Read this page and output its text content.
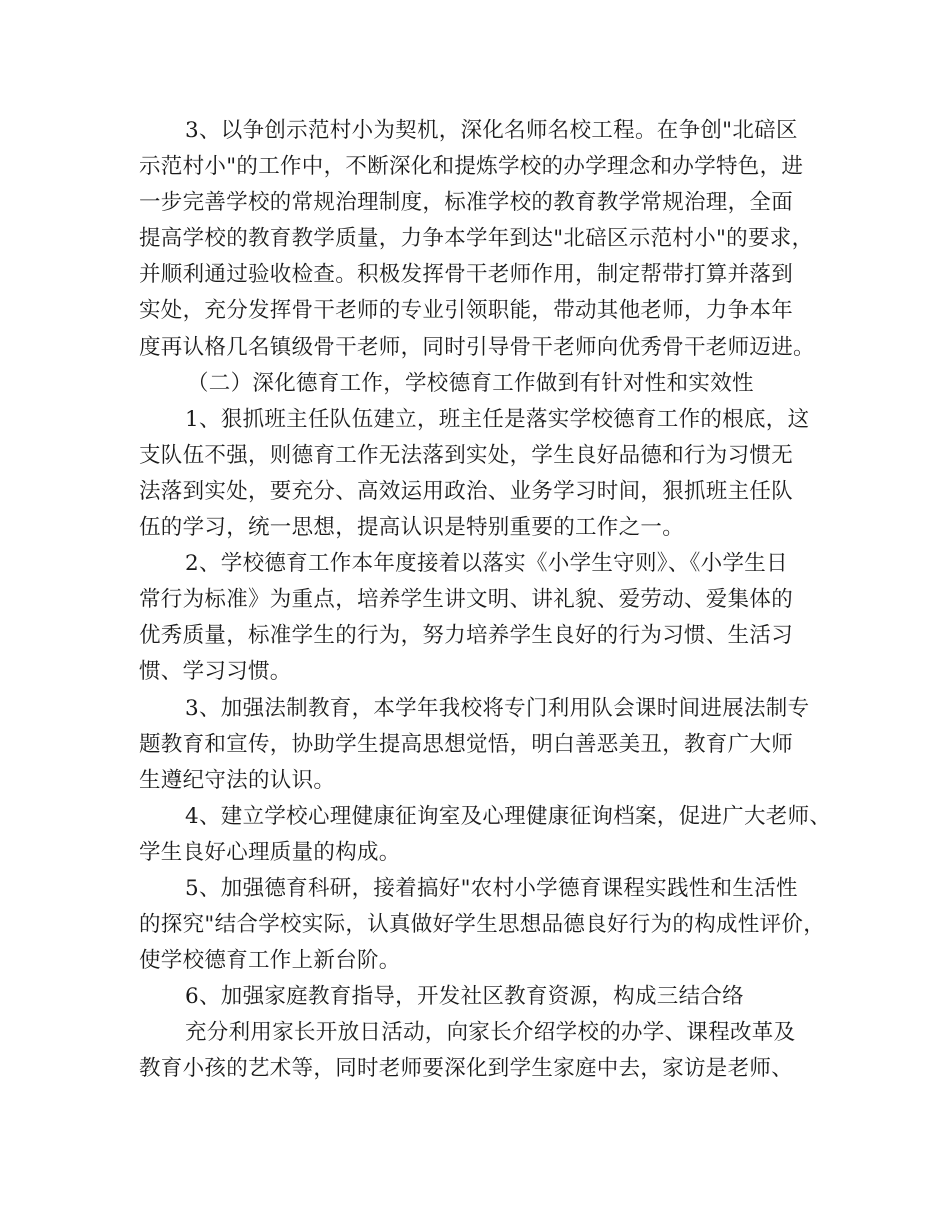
3、以争创示范村小为契机，深化名师名校工程。在争创"北碚区
示范村小"的工作中，不断深化和提炼学校的办学理念和办学特色，进
一步完善学校的常规治理制度，标准学校的教育教学常规治理，全面
提高学校的教育教学质量，力争本学年到达"北碚区示范村小"的要求，
并顺利通过验收检查。积极发挥骨干老师作用，制定帮带打算并落到
实处，充分发挥骨干老师的专业引领职能，带动其他老师，力争本年
度再认格几名镇级骨干老师，同时引导骨干老师向优秀骨干老师迈进。
（二）深化德育工作，学校德育工作做到有针对性和实效性
1、狠抓班主任队伍建立，班主任是落实学校德育工作的根底，这
支队伍不强，则德育工作无法落到实处，学生良好品德和行为习惯无
法落到实处，要充分、高效运用政治、业务学习时间，狠抓班主任队
伍的学习，统一思想，提高认识是特别重要的工作之一。
2、学校德育工作本年度接着以落实《小学生守则》、《小学生日
常行为标准》为重点，培养学生讲文明、讲礼貌、爱劳动、爱集体的
优秀质量，标准学生的行为，努力培养学生良好的行为习惯、生活习
惯、学习习惯。
3、加强法制教育，本学年我校将专门利用队会课时间进展法制专
题教育和宣传，协助学生提高思想觉悟，明白善恶美丑，教育广大师
生遵纪守法的认识。
4、建立学校心理健康征询室及心理健康征询档案，促进广大老师、
学生良好心理质量的构成。
5、加强德育科研，接着搞好"农村小学德育课程实践性和生活性
的探究"结合学校实际，认真做好学生思想品德良好行为的构成性评价，
使学校德育工作上新台阶。
6、加强家庭教育指导，开发社区教育资源，构成三结合络
充分利用家长开放日活动，向家长介绍学校的办学、课程改革及
教育小孩的艺术等，同时老师要深化到学生家庭中去，家访是老师、
